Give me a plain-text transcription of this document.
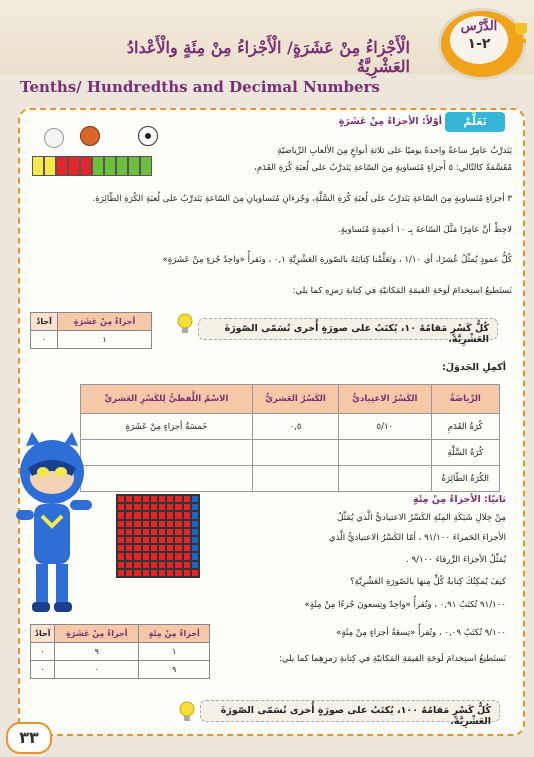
الدَّرْس
٢-١
الْأَجْزاءُ مِنْ عَشَرَةٍ/ الْأَجْزاءُ مِنْ مِئَةٍ والْأَعْدادُ العَشْرِيَّةُ
Tenths/ Hundredths and Decimal Numbers
تَعَلَّمْ
أوّلاً: الأجزاءُ مِنْ عَشَرَةٍ
يَتَدرَّبُ عامِرٌ ساعةً واحدةً يوميًا على ثلاثةِ أنواعٍ مِنَ الألعابِ الرِّياضيّةِ
مُقَسَّمَةً كالتّالي: ٥ أَجزاءٍ مُتَساويةٍ مِنَ السّاعةِ يَتَدرَّبُ على لُعبَةِ كُرَةِ القَدَمِ،
٣ أجزاءٍ مُتَساويةٍ مِنَ السّاعةِ يَتَدرَّبُ على لُعبَةِ كُرَةِ السَّلَّةِ، وجُزءانِ مُتَساويانِ مِنَ السّاعةِ يَتَدرَّبُ على لُعبَةِ الكُرَةِ الطّائِرَةِ.
لاحِظْ أنَّ عامِرًا مَثَّلَ السّاعةَ بِـ ١٠ أعمِدةٍ مُتَساويةٍ.
كُلُّ عمودٍ يُمثِّلُ عُشرًا، أي ١/١٠ ، وتَعَلَّمْنا كِتابَتَهُ بالصّورةِ العَشْرِيَّةِ ٠,١ ، ونَقرأُ «واحِدُ جُزءٍ مِنْ عَشَرَةٍ»
نَستَطيعُ استِخدامَ لَوحَةِ القيمَةِ المَكانيّةِ في كِتابةِ رَمزِهِ كما يلي:
آحادٌ	أجزاءٌ مِنْ عَشَرَةٍ
٠	١
كُلُّ كَسْرٍ مَقامُهُ ١٠، يُكتَبُ على صورَةٍ أُخرى تُسَمّى الصّورَةَ العَشْرِيَّةَ.
أكمِلِ الجَدوَلَ:
الرِّياضَةُ	الكَسْرُ الاعتِياديُّ	الكَسْرُ العَشريُّ	الاسْمُ اللَّفظيُّ لِلكَسْرِ العَشريِّ
كُرَةُ القَدَمِ	٥/١٠	٠,٥	خَمسَةُ أجزاءٍ مِنْ عَشَرَةٍ
كُرَةُ السَّلَّةِ			
الكُرَةُ الطّائِرَةُ			
ثانيًا: الأجزاءُ مِنْ مِئَةٍ
مِنْ خِلالِ شَبَكَةِ المِئَةِ الكَسْرُ الاعتياديُّ الَّذي يُمَثِّلُ
الأجزاءَ الحَمراءَ ٩١/١٠٠ ، أمّا الكَسْرُ الاعتياديُّ الَّذي
يُمَثِّلُ الأجزاءَ الزَّرقاءَ ٩/١٠٠ .
كيفَ يُمكِنُكَ كِتابةُ كُلٍّ مِنها بالصّورَةِ العَشْرِيَّةِ؟
٩١/١٠٠ تُكتَبُ ٠,٩١ ، وتُقرأُ «واحِدٌ وتِسعونَ جُزءًا مِنْ مِئَةٍ»
٩/١٠٠ تُكتَبُ ٠,٠٩ ، وتُقرأُ «تِسعَةُ أجزاءٍ مِنْ مِئَةٍ»
نَستَطيعُ استِخدامَ لَوحَةِ القيمَةِ المَكانيّةِ في كِتابةِ رَمزِهِما كما يلي:
آحادٌ	أجزاءٌ مِنْ عَشَرَةٍ	أجزاءٌ مِنْ مِئَةٍ
٠	٩	١
٠	٠	٩
كُلُّ كَسْرٍ مَقامُهُ ١٠٠، يُكتَبُ على صورَةٍ أُخرى تُسَمّى الصّورَةَ العَشْرِيَّةَ.
٣٣
